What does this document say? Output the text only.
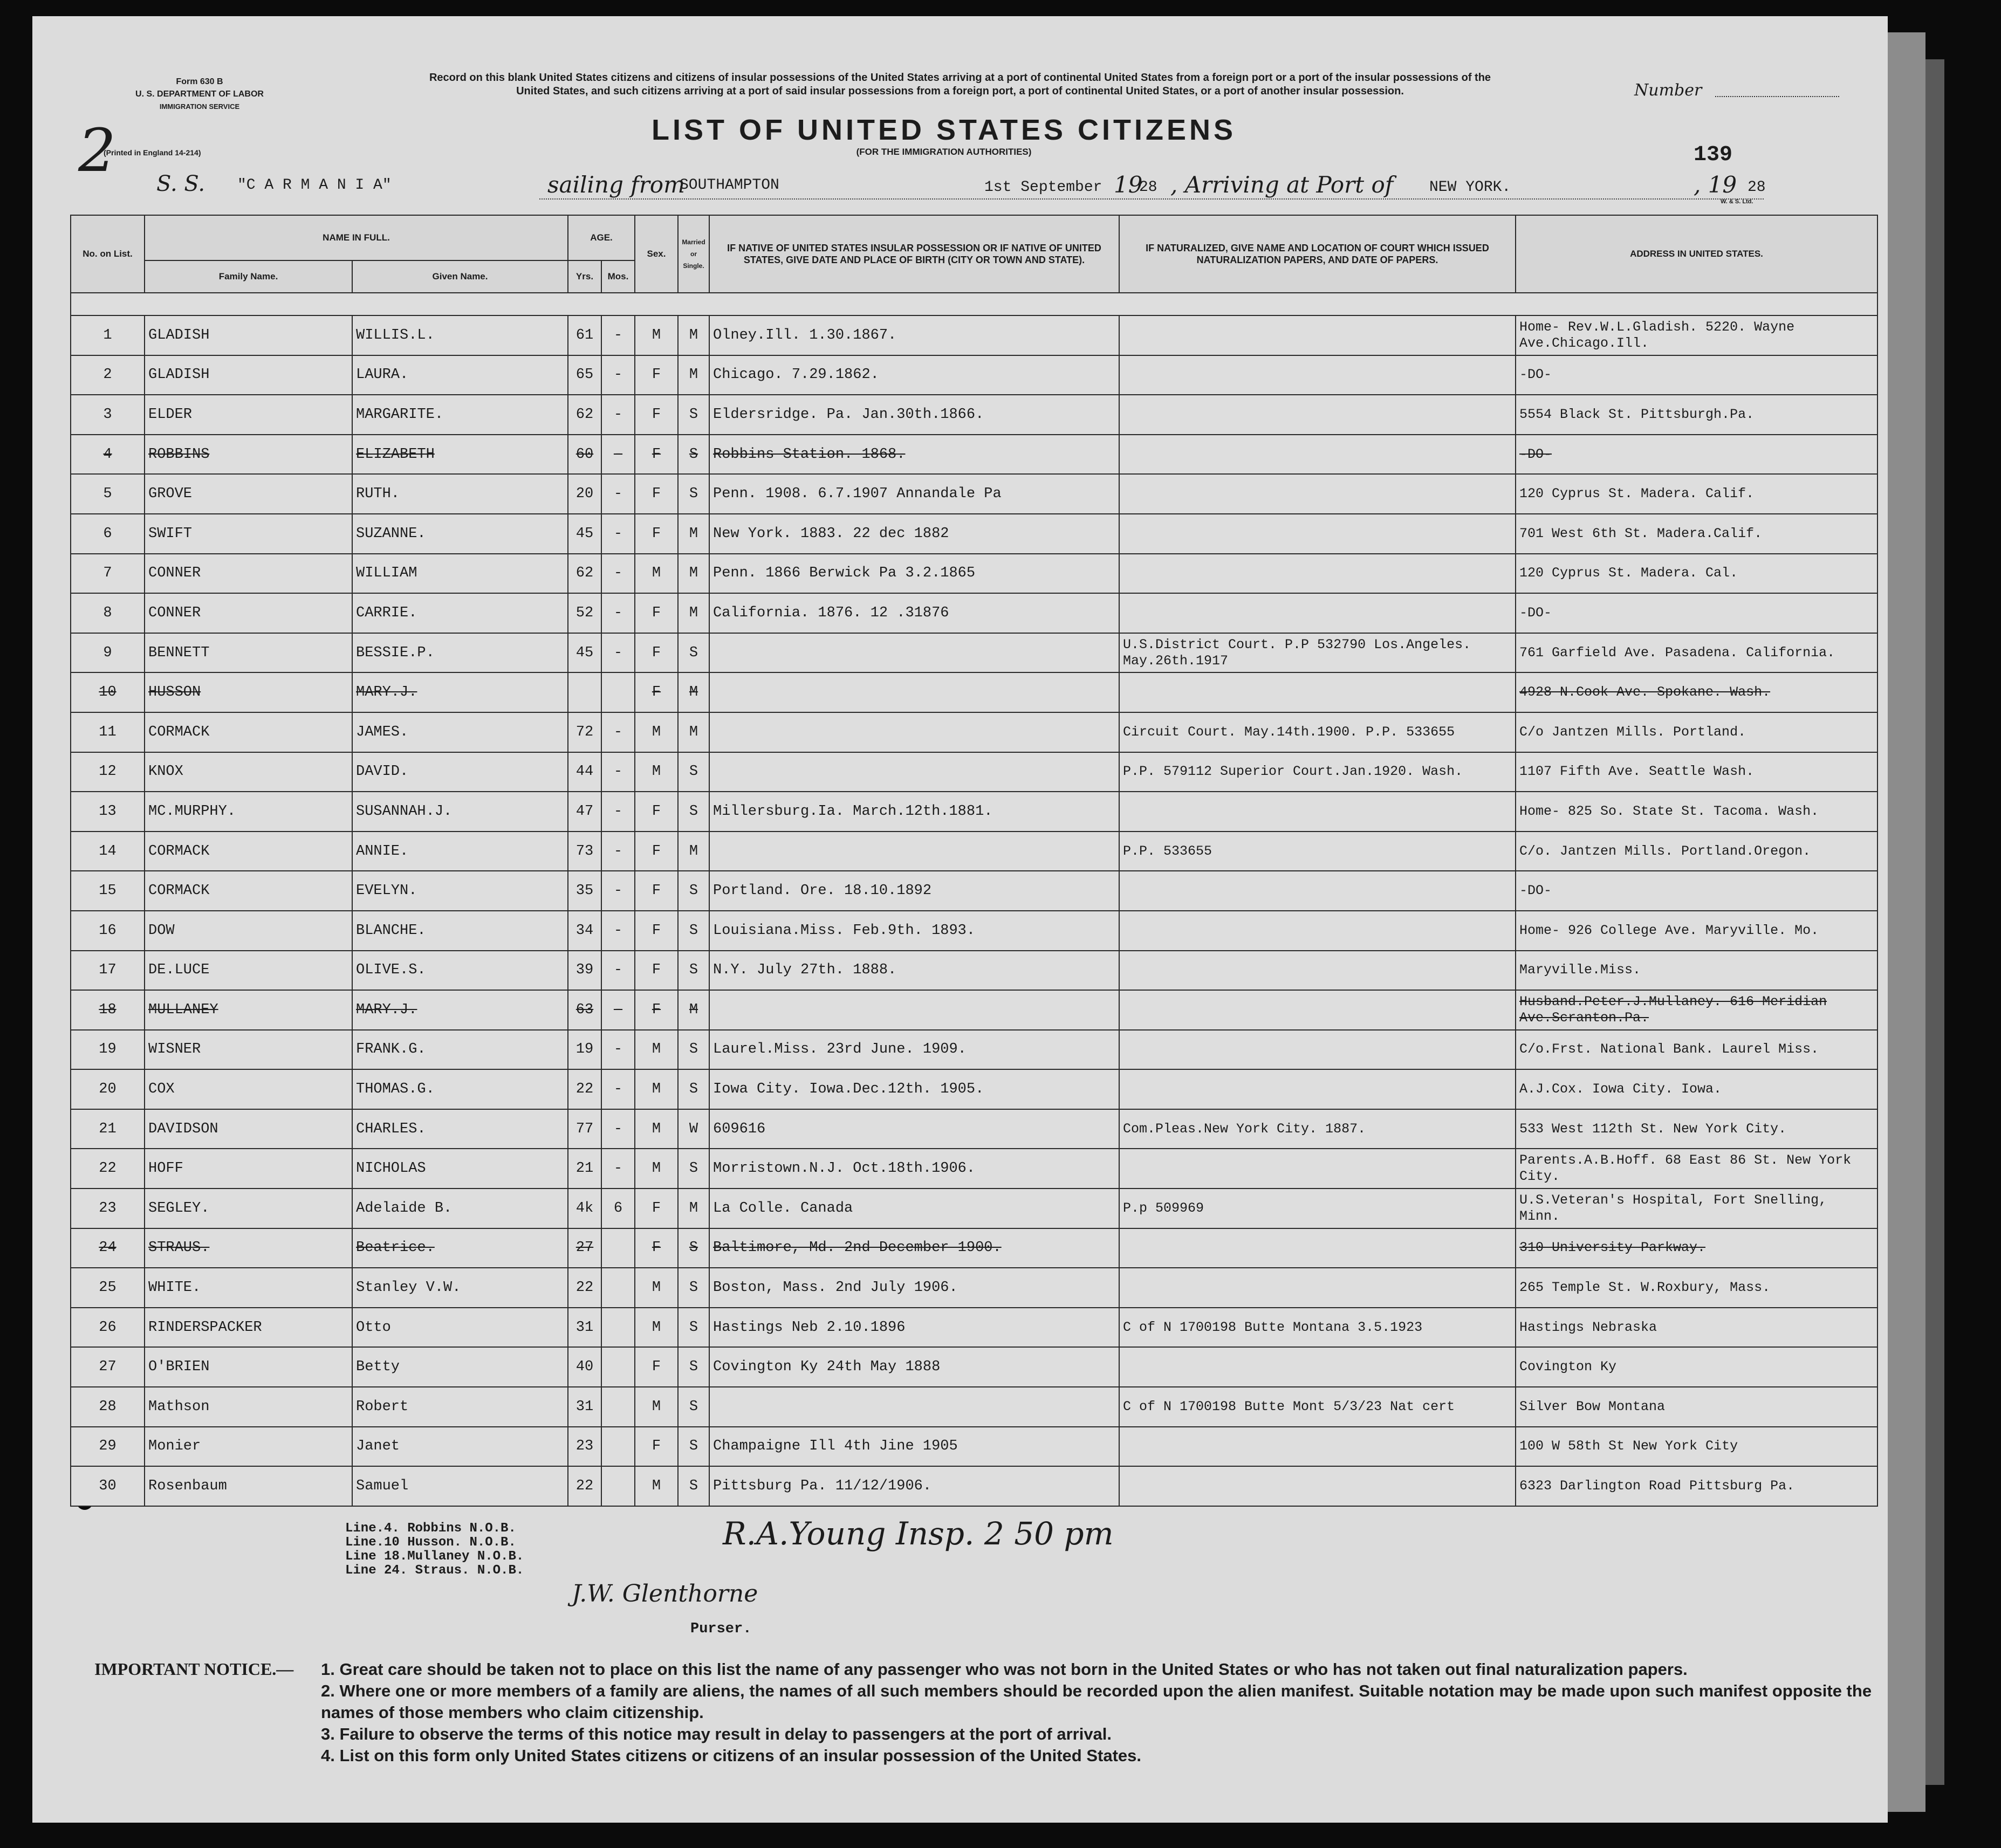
Form 630 B
U. S. DEPARTMENT OF LABOR
IMMIGRATION SERVICE
2
(Printed in England 14-214)
Record on this blank United States citizens and citizens of insular possessions of the United States arriving at a port of continental United States from a foreign port or a port of the insular possessions of the United States, and such citizens arriving at a port of said insular possessions from a foreign port, a port of continental United States, or a port of another insular possession.
LIST OF UNITED STATES CITIZENS
(FOR THE IMMIGRATION AUTHORITIES)
Number
139
S. S. "C A R M A N I A"	sailing from
SOUTHAMPTON	1st September 19
28 , Arriving at Port of NEW YORK.	, 19 28
W. & S. Ltd.
No. on List.	NAME IN FULL.		AGE.		Sex.	Married or Single.	IF NATIVE OF UNITED STATES INSULAR POSSESSION OR IF NATIVE OF UNITED STATES, GIVE DATE AND PLACE OF BIRTH (CITY OR TOWN AND STATE).	IF NATURALIZED, GIVE NAME AND LOCATION OF COURT WHICH ISSUED NATURALIZATION PAPERS, AND DATE OF PAPERS.	ADDRESS IN UNITED STATES.
	Family Name.	Given Name.	Yrs.	Mos.					

1	GLADISH	WILLIS.L.	61	-	M	M	Olney.Ill. 1.30.1867.		Home- Rev.W.L.Gladish. 5220. Wayne Ave.Chicago.Ill.
2	GLADISH	LAURA.	65	-	F	M	Chicago. 7.29.1862.		-DO-
3	ELDER	MARGARITE.	62	-	F	S	Eldersridge. Pa. Jan.30th.1866.		5554 Black St. Pittsburgh.Pa.
4	ROBBINS	ELIZABETH	60	-	F	S	Robbins Station. 1868.		-DO-
5	GROVE	RUTH.	20	-	F	S	Penn. 1908. 6.7.1907 Annandale Pa		120 Cyprus St. Madera. Calif.
6	SWIFT	SUZANNE.	45	-	F	M	New York. 1883. 22 dec 1882		701 West 6th St. Madera.Calif.
7	CONNER	WILLIAM	62	-	M	M	Penn. 1866 Berwick Pa 3.2.1865		120 Cyprus St. Madera. Cal.
8	CONNER	CARRIE.	52	-	F	M	California. 1876. 12 .31876		-DO-
9	BENNETT	BESSIE.P.	45	-	F	S		U.S.District Court. P.P 532790 Los.Angeles. May.26th.1917	761 Garfield Ave. Pasadena. California.
10	HUSSON	MARY.J.			F	M			4928 N.Cook Ave. Spokane. Wash.
11	CORMACK	JAMES.	72	-	M	M		Circuit Court. May.14th.1900. P.P. 533655	C/o Jantzen Mills. Portland.
12	KNOX	DAVID.	44	-	M	S		P.P. 579112 Superior Court.Jan.1920. Wash.	1107 Fifth Ave. Seattle Wash.
13	MC.MURPHY.	SUSANNAH.J.	47	-	F	S	Millersburg.Ia. March.12th.1881.		Home- 825 So. State St. Tacoma. Wash.
14	CORMACK	ANNIE.	73	-	F	M		P.P. 533655	C/o. Jantzen Mills. Portland.Oregon.
15	CORMACK	EVELYN.	35	-	F	S	Portland. Ore. 18.10.1892		-DO-
16	DOW	BLANCHE.	34	-	F	S	Louisiana.Miss. Feb.9th. 1893.		Home- 926 College Ave. Maryville. Mo.
17	DE.LUCE	OLIVE.S.	39	-	F	S	N.Y. July 27th. 1888.		Maryville.Miss.
18	MULLANEY	MARY.J.	63	-	F	M			Husband.Peter.J.Mullaney. 616 Meridian Ave.Scranton.Pa.
19	WISNER	FRANK.G.	19	-	M	S	Laurel.Miss. 23rd June. 1909.		C/o.Frst. National Bank. Laurel Miss.
20	COX	THOMAS.G.	22	-	M	S	Iowa City. Iowa.Dec.12th. 1905.		A.J.Cox. Iowa City. Iowa.
21	DAVIDSON	CHARLES.	77	-	M	W	609616	Com.Pleas.New York City. 1887.	533 West 112th St. New York City.
22	HOFF	NICHOLAS	21	-	M	S	Morristown.N.J. Oct.18th.1906.		Parents.A.B.Hoff. 68 East 86 St. New York City.
23	SEGLEY.	Adelaide B.	4k	6	F	M	La Colle. Canada	P.p 509969	U.S.Veteran's Hospital, Fort Snelling, Minn.
24	STRAUS.	Beatrice.	27		F	S	Baltimore, Md. 2nd December 1900.		310 University Parkway.
25	WHITE.	Stanley V.W.	22		M	S	Boston, Mass. 2nd July 1906.		265 Temple St. W.Roxbury, Mass.
26	RINDERSPACKER	Otto	31		M	S	Hastings Neb 2.10.1896	C of N 1700198 Butte Montana 3.5.1923	Hastings Nebraska
27	O'BRIEN	Betty	40		F	S	Covington Ky 24th May 1888		Covington Ky
28	Mathson	Robert	31		M	S		C of N 1700198 Butte Mont 5/3/23 Nat cert	Silver Bow Montana
29	Monier	Janet	23		F	S	Champaigne Ill 4th Jine 1905		100 W 58th St New York City
30	Rosenbaum	Samuel	22		M	S	Pittsburg Pa. 11/12/1906.		6323 Darlington Road Pittsburg Pa.
Line.4. Robbins N.O.B.
Line.10 Husson. N.O.B.
Line 18.Mullaney N.O.B.
Line 24. Straus. N.O.B.
R.A.Young Insp. 2 50 pm
J.W. Glenthorne
Purser.
IMPORTANT NOTICE.— 1. Great care should be taken not to place on this list the name of any passenger who was not born in the United States or who has not taken out final naturalization papers.
2. Where one or more members of a family are aliens, the names of all such members should be recorded upon the alien manifest. Suitable notation may be made upon such manifest opposite the names of those members who claim citizenship.
3. Failure to observe the terms of this notice may result in delay to passengers at the port of arrival.
4. List on this form only United States citizens or citizens of an insular possession of the United States.
